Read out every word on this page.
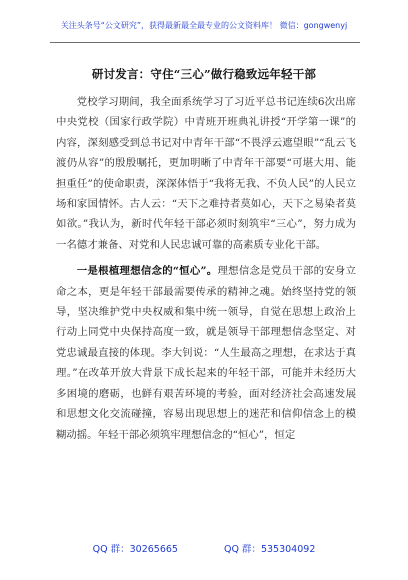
关注头条号“公文研究”，获得最新最全最专业的公文资料库！ 微信：gongwenyj
研讨发言：守住“三心”做行稳致远年轻干部

党校学习期间，我全面系统学习了习近平总书记连续6次出席中央党校（国家行政学院）中青班开班典礼讲授“开学第一课”的内容，深刻感受到总书记对中青年干部“不畏浮云遮望眼”“乱云飞渡仍从容”的殷殷嘱托，更加明晰了中青年干部要“可堪大用、能担重任”的使命职责，深深体悟于“我将无我、不负人民”的人民立场和家国情怀。古人云：“天下之难持者莫如心，天下之易染者莫如欲。”我认为，新时代年轻干部必须时刻筑牢“三心”，努力成为一名德才兼备、对党和人民忠诚可靠的高素质专业化干部。

一是根植理想信念的“恒心”。理想信念是党员干部的安身立命之本，更是年轻干部最需要传承的精神之魂。始终坚持党的领导，坚决维护党中央权威和集中统一领导，自觉在思想上政治上行动上同党中央保持高度一致，就是领导干部理想信念坚定、对党忠诚最直接的体现。李大钊说：“人生最高之理想，在求达于真理。”在改革开放大背景下成长起来的年轻干部，可能并未经历大多困境的磨砺，也鲜有艰苦环境的考验，面对经济社会高速发展和思想文化交流碰撞，容易出现思想上的迷茫和信仰信念上的模糊动摇。年轻干部必须筑牢理想信念的“恒心”，恒定

QQ 群：30265665	QQ 群：535304092
